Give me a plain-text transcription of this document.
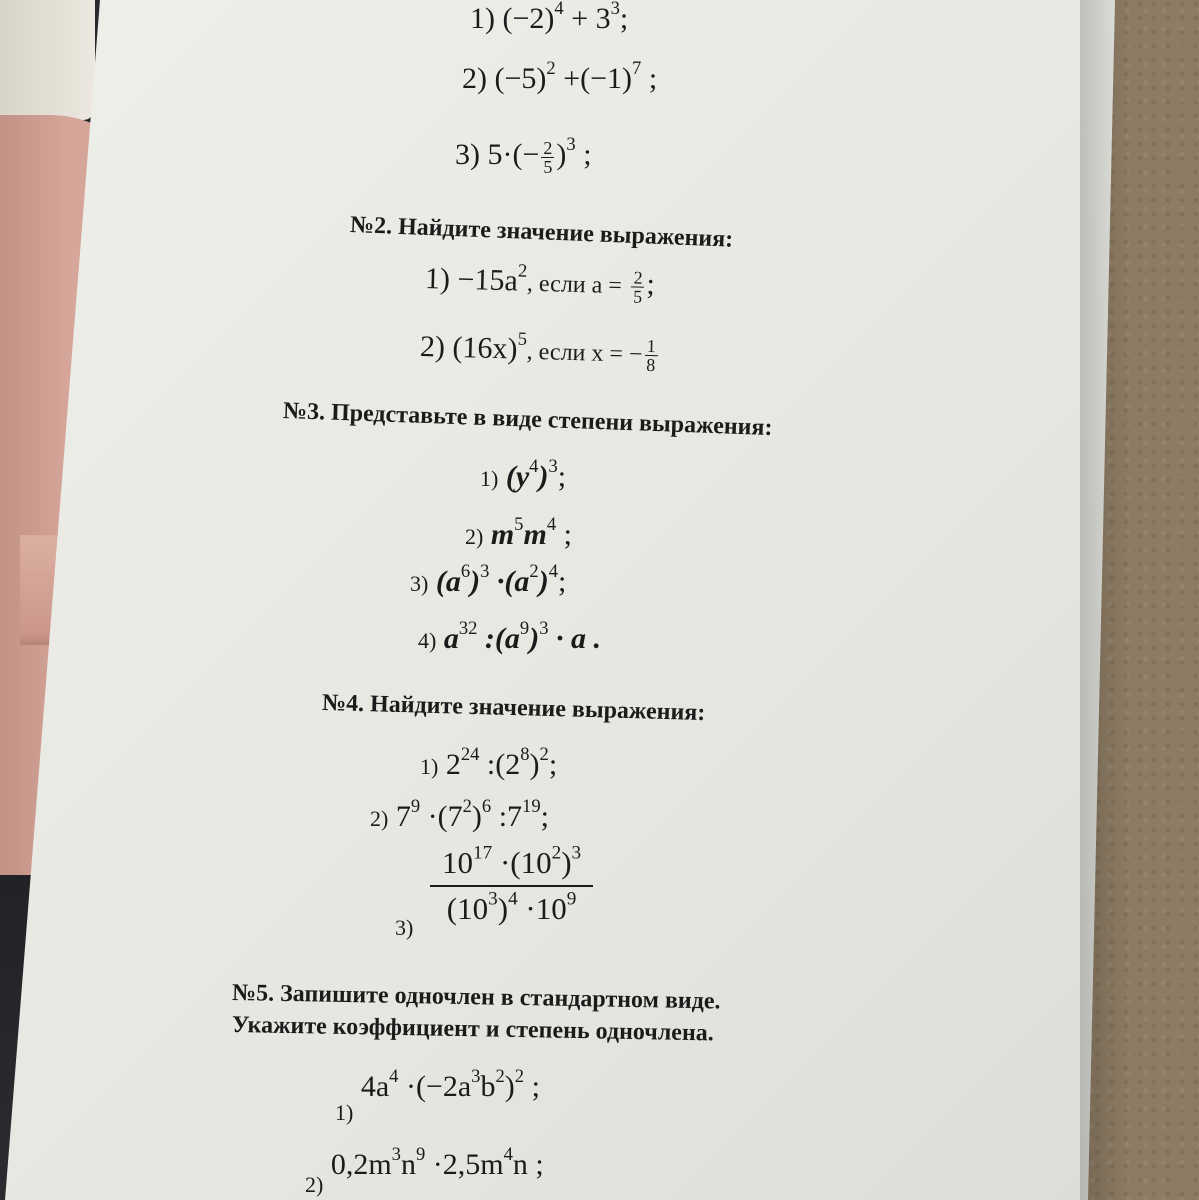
1) $(-2)^4 + 3^3$;
2) $(-5)^2 +(-1)^7$ ;
3) $5\cdot(- \frac{2}{5} )^3$ ;
№2. Найдите значение выражения:
$1) -15a^2$, если $a = \frac{2}{5}$ ;
2) $(16x)^5$, если x = − $\frac{1}{8}$
№3. Представьте в виде степени выражения:
1) $(y^4)^3$;
2) $m^5m^4$ ;
3) $(a^6)^3 \cdot(a^2)^4$;
4) $a^{32}$ $:(a^9)^3 \cdot a$ .
№4. Найдите значение выражения:
1) $2^{24}$ $:(2^8)^2$;
2) $7^9 \cdot(7^2)^6$ $:7^{19}$;
3)
$\frac{10^{17} \cdot(10^2)^3}{(10^3)^4 \cdot 10^9}$
№5. Запишите одночлен в стандартном виде.
Укажите коэффициент и степень одночлена.
$_{1)}$ $4a^4 \cdot(-2a^3b^2)^2$ ;
$_{2)}$ $0,2m^3n^9 \cdot 2,5m^4n$ ;
